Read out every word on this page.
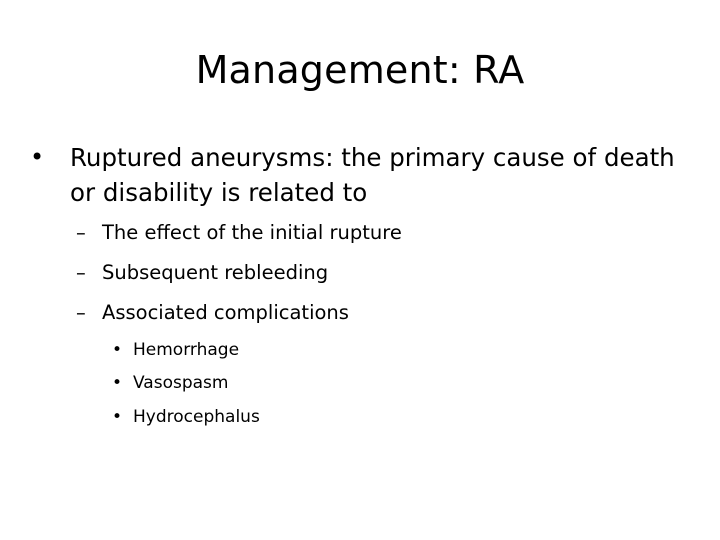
Management: RA
• Ruptured aneurysms: the primary cause of death or disability is related to
– The effect of the initial rupture
– Subsequent rebleeding
– Associated complications
• Hemorrhage
• Vasospasm
• Hydrocephalus
